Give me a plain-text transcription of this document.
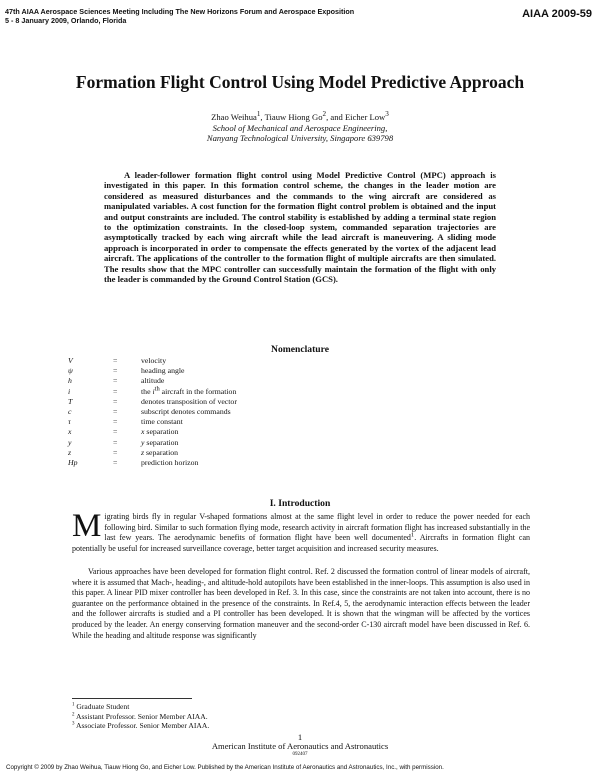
47th AIAA Aerospace Sciences Meeting Including The New Horizons Forum and Aerospace Exposition
5 - 8 January 2009, Orlando, Florida
AIAA 2009-59
Formation Flight Control Using Model Predictive Approach
Zhao Weihua$^1$, Tiauw Hiong Go$^2$, and Eicher Low$^3$
School of Mechanical and Aerospace Engineering,
Nanyang Technological University, Singapore 639798
A leader-follower formation flight control using Model Predictive Control (MPC) approach is investigated in this paper. In this formation control scheme, the changes in the leader motion are considered as measured disturbances and the commands to the wing aircraft are considered as manipulated variables. A cost function for the formation flight control problem is obtained and the input and output constraints are included. The control stability is established by adding a terminal state region to the optimization constraints. In the closed-loop system, commanded separation trajectories are asymptotically tracked by each wing aircraft while the lead aircraft is maneuvering. A sliding mode approach is incorporated in order to compensate the effects generated by the vortex of the adjacent lead aircraft. The applications of the controller to the formation flight of multiple aircrafts are then simulated. The results show that the MPC controller can successfully maintain the formation of the flight with only the leader is commanded by the Ground Control Station (GCS).
Nomenclature
V	=	velocity
ψ	=	heading angle
h	=	altitude
i	=	the $i^{th}$ aircraft in the formation
T	=	denotes transposition of vector
c	=	subscript denotes commands
τ	=	time constant
x	=	x separation
y	=	y separation
z	=	z separation
Hp	=	prediction horizon
I. Introduction
Migrating birds fly in regular V-shaped formations almost at the same flight level in order to reduce the power needed for each following bird. Similar to such formation flying mode, research activity in aircraft formation flight has increased substantially in the last few years. The aerodynamic benefits of formation flight have been well documented$^1$. Aircrafts in formation flight can potentially be useful for increased surveillance coverage, better target acquisition and increased security measures.
Various approaches have been developed for formation flight control. Ref. 2 discussed the formation control of linear models of aircraft, where it is assumed that Mach-, heading-, and altitude-hold autopilots have been established in the inner-loops. This assumption is also used in this paper. A linear PID mixer controller has been developed in Ref. 3. In this case, since the constraints are not taken into account, there is no guarantee on the performance obtained in the presence of the constraints. In Ref.4, 5, the aerodynamic interaction effects between the leader and the follower aircrafts is studied and a PI controller has been developed. It is shown that the wingman will be affected by the vortices produced by the leader. An energy conserving formation maneuver and the second-order C-130 aircraft model have been discussed in Ref. 6. While the heading and altitude response was significantly
$^1$ Graduate Student
$^2$ Assistant Professor. Senior Member AIAA.
$^3$ Associate Professor. Senior Member AIAA.
1
American Institute of Aeronautics and Astronautics
092407
Copyright © 2009 by Zhao Weihua, Tiauw Hiong Go, and Eicher Low. Published by the American Institute of Aeronautics and Astronautics, Inc., with permission.
